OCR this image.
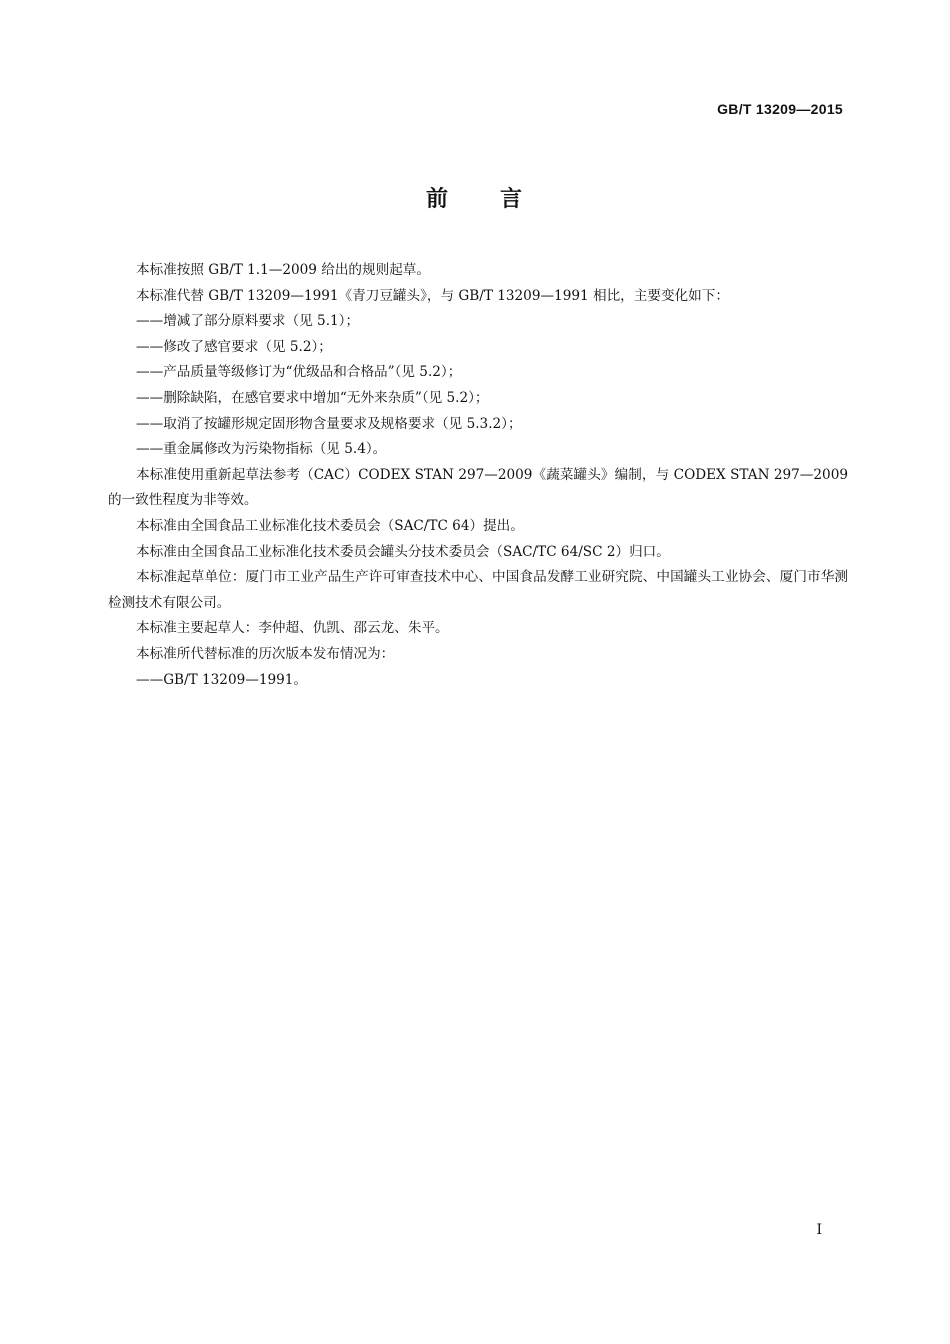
GB/T 13209—2015
前 言

本标准按照 GB/T 1.1—2009 给出的规则起草。

本标准代替 GB/T 13209—1991《青刀豆罐头》，与 GB/T 13209—1991 相比，主要变化如下：

——增减了部分原料要求（见 5.1）；

——修改了感官要求（见 5.2）；

——产品质量等级修订为“优级品和合格品”（见 5.2）；

——删除缺陷，在感官要求中增加“无外来杂质”（见 5.2）；

——取消了按罐形规定固形物含量要求及规格要求（见 5.3.2）；

——重金属修改为污染物指标（见 5.4）。

本标准使用重新起草法参考（CAC）CODEX STAN 297—2009《蔬菜罐头》编制，与 CODEX STAN 297—2009 的一致性程度为非等效。

本标准由全国食品工业标准化技术委员会（SAC/TC 64）提出。

本标准由全国食品工业标准化技术委员会罐头分技术委员会（SAC/TC 64/SC 2）归口。

本标准起草单位：厦门市工业产品生产许可审查技术中心、中国食品发酵工业研究院、中国罐头工业协会、厦门市华测检测技术有限公司。

本标准主要起草人：李仲超、仇凯、邵云龙、朱平。

本标准所代替标准的历次版本发布情况为：

——GB/T 13209—1991。

I
